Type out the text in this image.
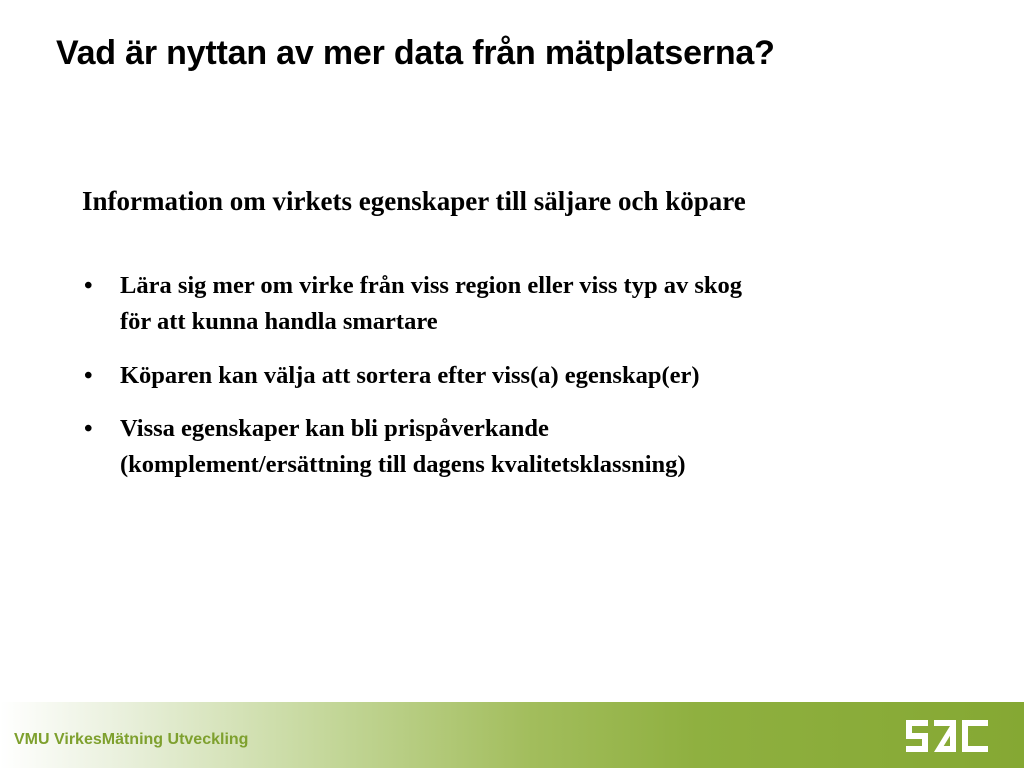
Vad är nyttan av mer data från mätplatserna?
Information om virkets egenskaper till säljare och köpare
• Lära sig mer om virke från viss region eller viss typ av skog
för att kunna handla smartare
• Köparen kan välja att sortera efter viss(a) egenskap(er)
• Vissa egenskaper kan bli prispåverkande
(komplement/ersättning till dagens kvalitetsklassning)
VMU VirkesMätning Utveckling
